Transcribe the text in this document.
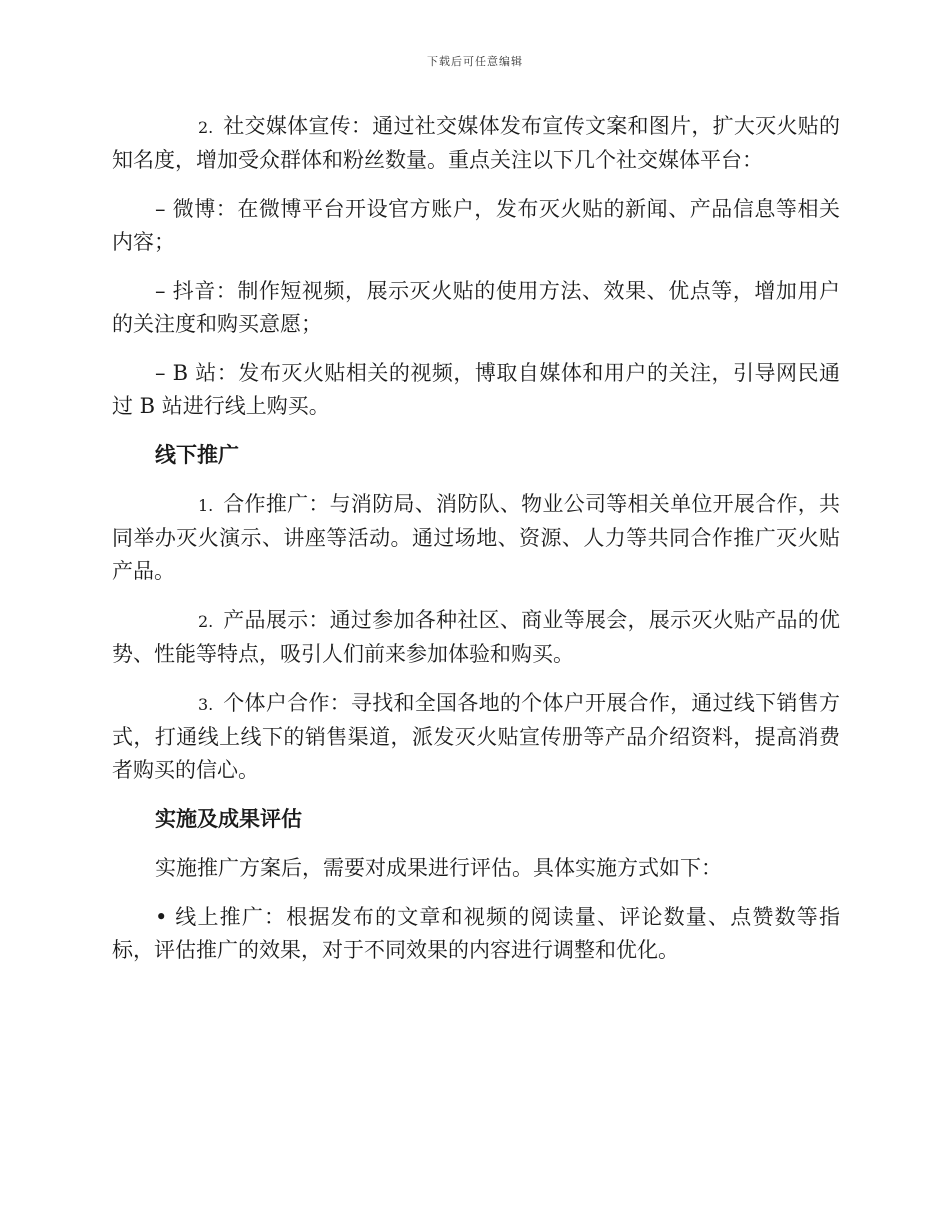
下载后可任意编辑

2. 社交媒体宣传：通过社交媒体发布宣传文案和图片，扩大灭火贴的知名度，增加受众群体和粉丝数量。重点关注以下几个社交媒体平台：

– 微博：在微博平台开设官方账户，发布灭火贴的新闻、产品信息等相关内容；

– 抖音：制作短视频，展示灭火贴的使用方法、效果、优点等，增加用户的关注度和购买意愿；

– B 站：发布灭火贴相关的视频，博取自媒体和用户的关注，引导网民通过 B 站进行线上购买。

线下推广

1. 合作推广：与消防局、消防队、物业公司等相关单位开展合作，共同举办灭火演示、讲座等活动。通过场地、资源、人力等共同合作推广灭火贴产品。

2. 产品展示：通过参加各种社区、商业等展会，展示灭火贴产品的优势、性能等特点，吸引人们前来参加体验和购买。

3. 个体户合作：寻找和全国各地的个体户开展合作，通过线下销售方式，打通线上线下的销售渠道，派发灭火贴宣传册等产品介绍资料，提高消费者购买的信心。

实施及成果评估

实施推广方案后，需要对成果进行评估。具体实施方式如下：

• 线上推广：根据发布的文章和视频的阅读量、评论数量、点赞数等指标，评估推广的效果，对于不同效果的内容进行调整和优化。
